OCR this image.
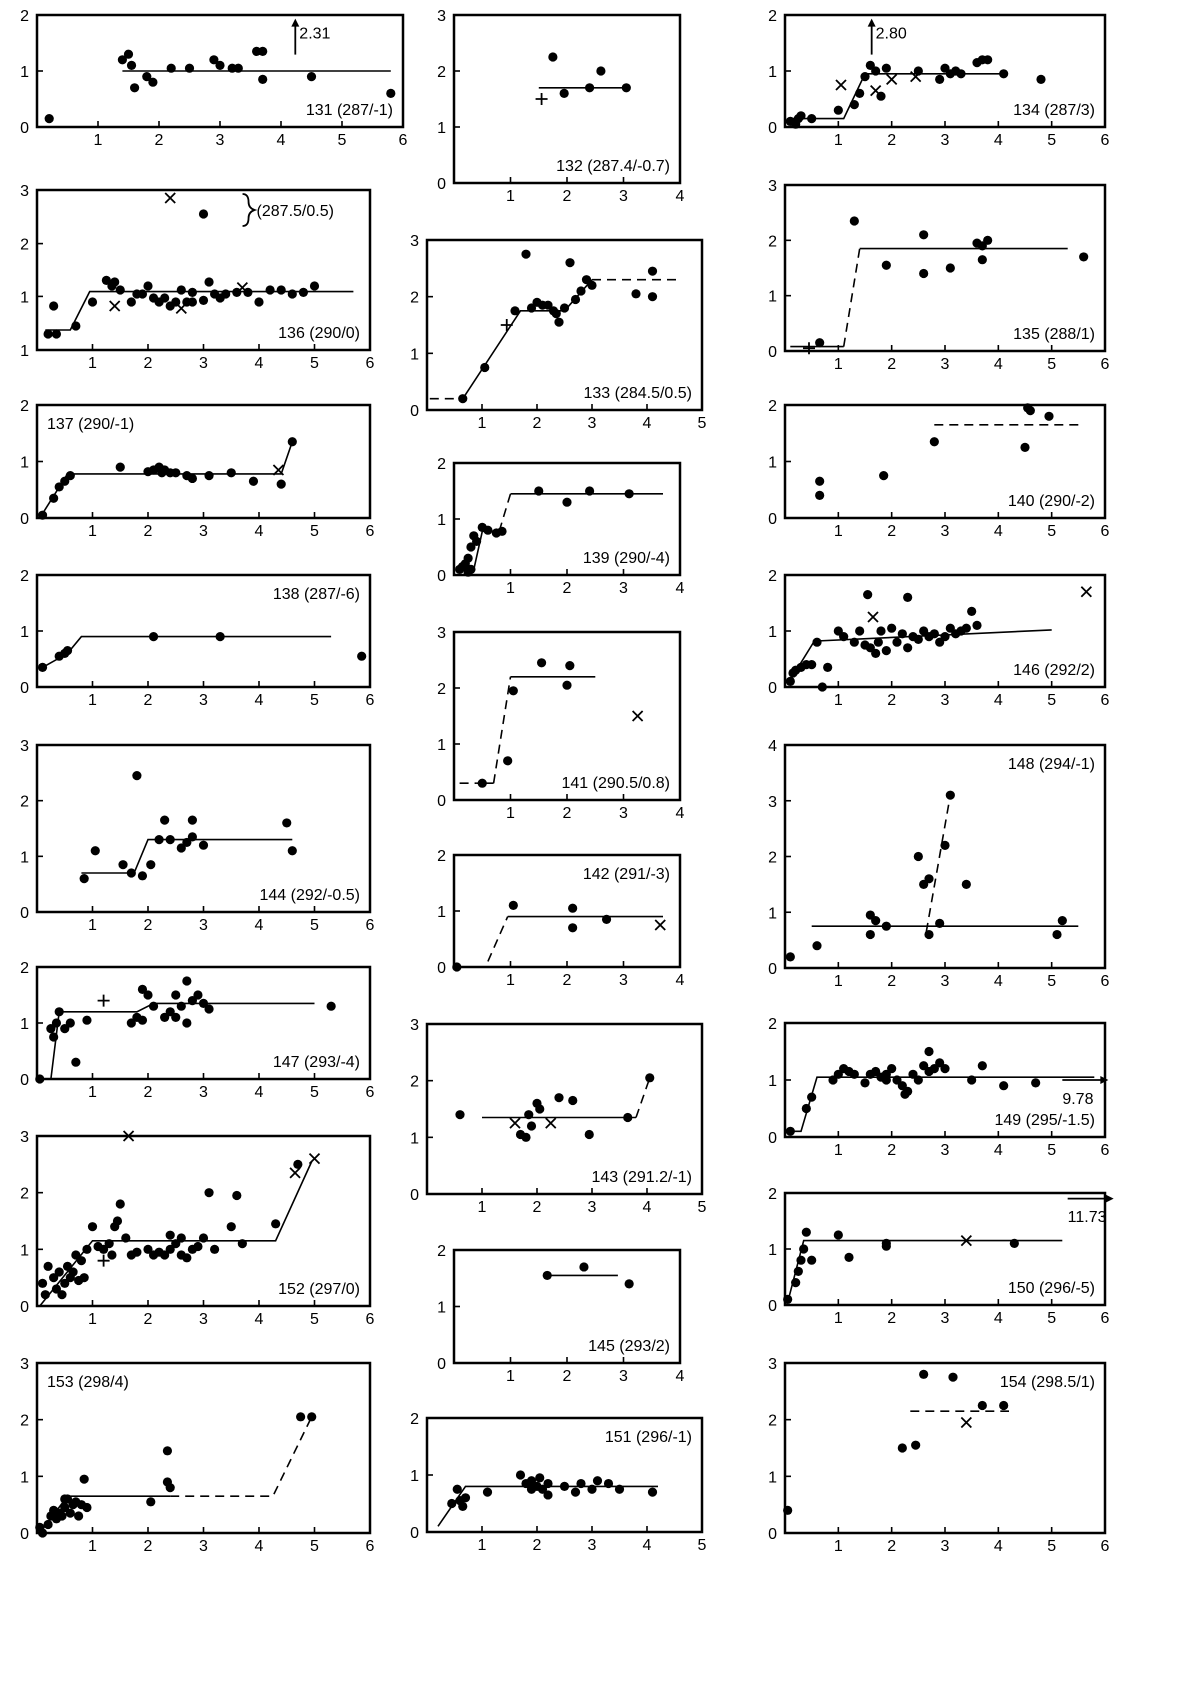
1	2	3	4	5	6
0
1
2
2.31
131 (287/-1)
1	2	3	4
0
1
2
3
132 (287.4/-0.7)
1	2	3	4	5	6
0
1
2
2.80
134 (287/3)
1	2	3	4	5	6
1
1
2
3
(287.5/0.5)
136 (290/0)
1	2	3	4	5
0
1
2
3
133 (284.5/0.5)
1	2	3	4	5	6
0
1
2
3
135 (288/1)
1	2	3	4	5	6
0
1
2
137 (290/-1)
1	2	3	4
0
1
2
139 (290/-4)
1	2	3	4	5	6
0
1
2
140 (290/-2)
1	2	3	4	5	6
0
1
2
138 (287/-6)
1	2	3	4
0
1
2
3
141 (290.5/0.8)
1	2	3	4	5	6
0
1
2
146 (292/2)
1	2	3	4	5	6
0
1
2
3
144 (292/-0.5)
1	2	3	4	5	6
0
1
2
3
4
148 (294/-1)
1	2	3	4
0
1
2
142 (291/-3)
1	2	3	4	5	6
0
1
2
147 (293/-4)
1	2	3	4	5
0
1
2
3
143 (291.2/-1)
1	2	3	4	5	6
0
1
2
9.78
149 (295/-1.5)
1	2	3	4	5	6
0
1
2
3
152 (297/0)
1	2	3	4
0
1
2
145 (293/2)
1	2	3	4	5	6
0
1
2
11.73
150 (296/-5)
1	2	3	4	5	6
0
1
2
3
153 (298/4)
1	2	3	4	5
0
1
2
151 (296/-1)
1	2	3	4	5	6
0
1
2
3
154 (298.5/1)
